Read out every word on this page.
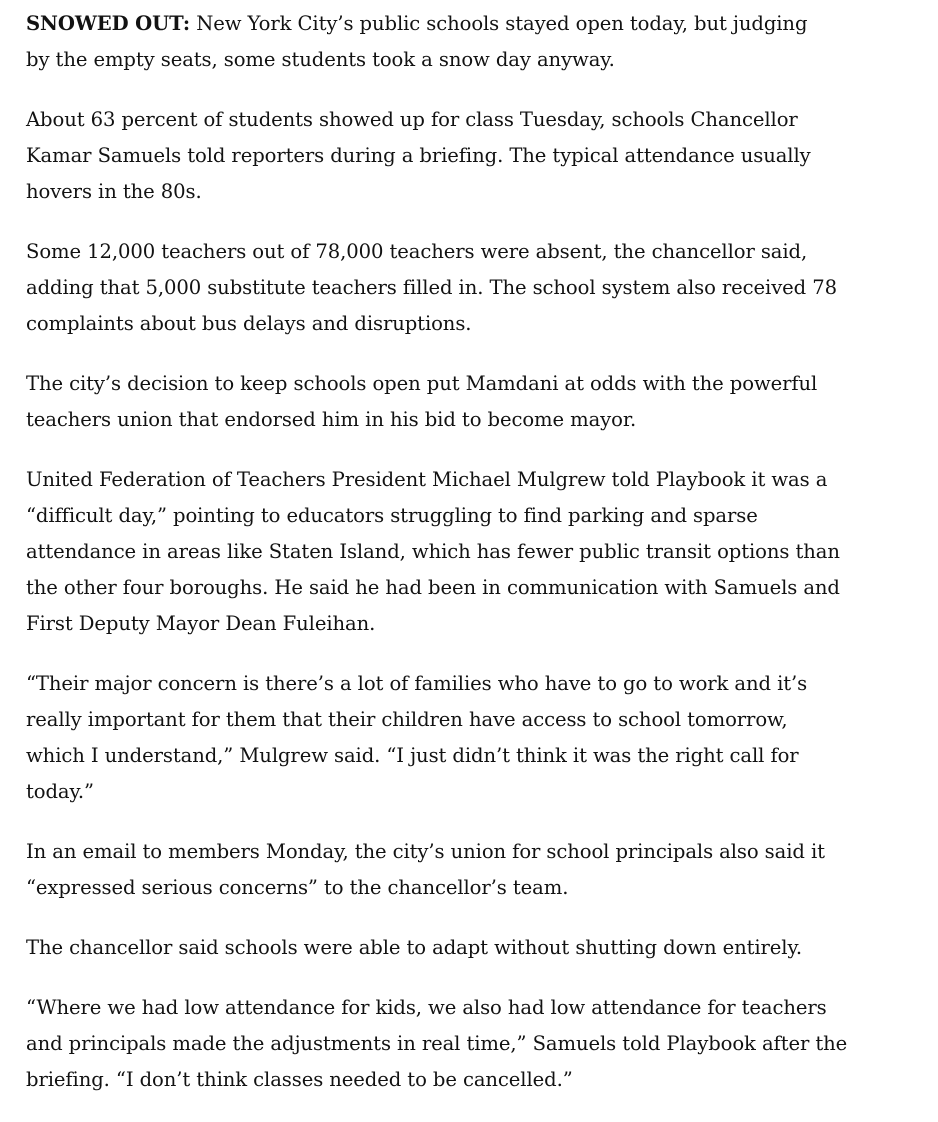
SNOWED OUT: New York City’s public schools stayed open today, but judging
by the empty seats, some students took a snow day anyway.

About 63 percent of students showed up for class Tuesday, schools Chancellor
Kamar Samuels told reporters during a briefing. The typical attendance usually
hovers in the 80s.

Some 12,000 teachers out of 78,000 teachers were absent, the chancellor said,
adding that 5,000 substitute teachers filled in. The school system also received 78
complaints about bus delays and disruptions.

The city’s decision to keep schools open put Mamdani at odds with the powerful
teachers union that endorsed him in his bid to become mayor.

United Federation of Teachers President Michael Mulgrew told Playbook it was a
“difficult day,” pointing to educators struggling to find parking and sparse
attendance in areas like Staten Island, which has fewer public transit options than
the other four boroughs. He said he had been in communication with Samuels and
First Deputy Mayor Dean Fuleihan.

“Their major concern is there’s a lot of families who have to go to work and it’s
really important for them that their children have access to school tomorrow,
which I understand,” Mulgrew said. “I just didn’t think it was the right call for
today.”

In an email to members Monday, the city’s union for school principals also said it
“expressed serious concerns” to the chancellor’s team.

The chancellor said schools were able to adapt without shutting down entirely.

“Where we had low attendance for kids, we also had low attendance for teachers
and principals made the adjustments in real time,” Samuels told Playbook after the
briefing. “I don’t think classes needed to be cancelled.”
